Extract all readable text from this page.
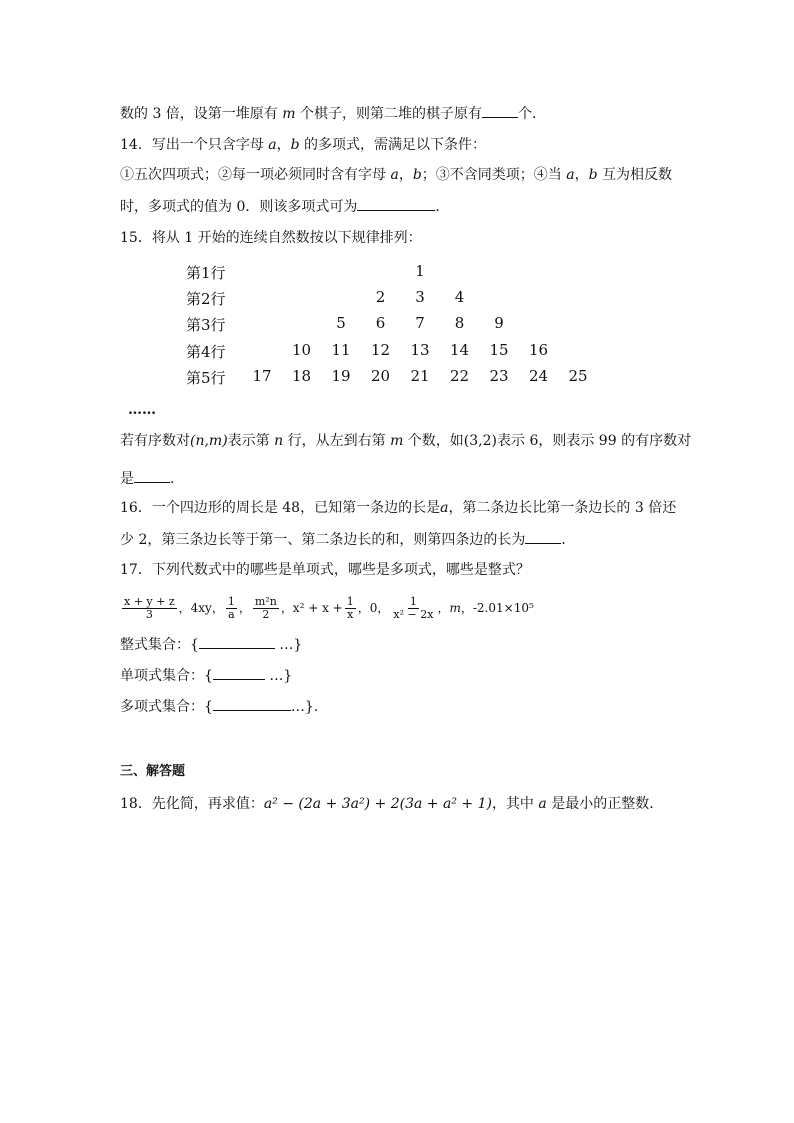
数的 3 倍，设第一堆原有 m 个棋子，则第二堆的棋子原有	个．
14．写出一个只含字母 a，b 的多项式，需满足以下条件：
①五次四项式；②每一项必须同时含有字母 a，b；③不含同类项；④当 a，b 互为相反数
时，多项式的值为 0．则该多项式可为	．
15．将从 1 开始的连续自然数按以下规律排列：
第1行	1
第2行	2	3	4
第3行	5	6	7	8	9
第4行	10	11	12	13	14	15	16
第5行	17	18	19	20	21	22	23	24	25
……
若有序数对(n,m)表示第 n 行，从左到右第 m 个数，如(3,2)表示 6，则表示 99 的有序数对
是	．
16．一个四边形的周长是 48，已知第一条边的长是a，第二条边长比第一条边长的 3 倍还
少 2，第三条边长等于第一、第二条边长的和，则第四条边的长为	．
17．下列代数式中的哪些是单项式，哪些是多项式，哪些是整式？
$\frac{x + y + z}{3}$ ， 4xy ， $\frac{1}{a}$ ， $\frac{\text{m²n}}{2}$ ， $x^2 + x + \frac{1}{x}$ ， 0 ， $\frac{1}{\text{x² − 2x}}$ ， m ， -2.01×10⁵
整式集合：{	…}
单项式集合：{	…}
多项式集合：{	…}.
三、解答题
18．先化简，再求值：a² − (2a + 3a²) + 2(3a + a² + 1)，其中 a 是最小的正整数．
